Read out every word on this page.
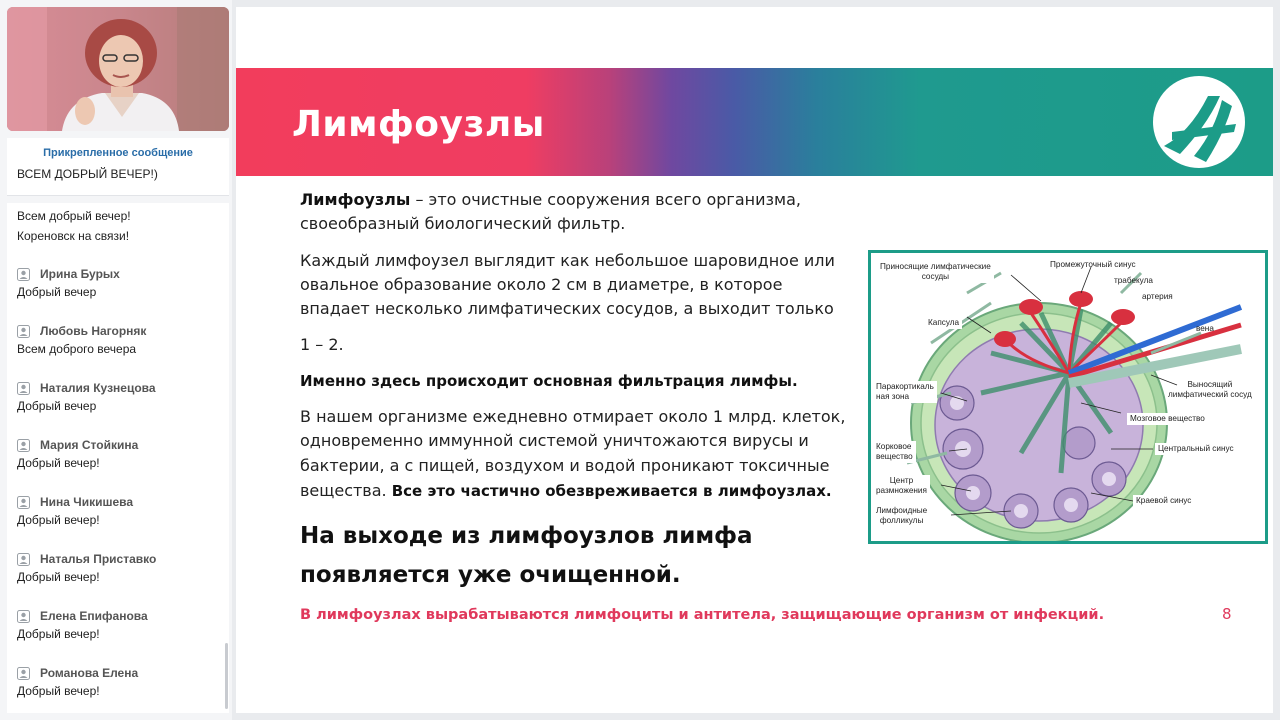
Прикрепленное сообщение
ВСЕМ ДОБРЫЙ ВЕЧЕР!)
Всем добрый вечер!
Кореновск на связи!
Ирина Бурых
Добрый вечер
Любовь Нагорняк
Всем доброго вечера
Наталия Кузнецова
Добрый вечер
Мария Стойкина
Добрый вечер!
Нина Чикишева
Добрый вечер!
Наталья Приставко
Добрый вечер!
Елена Епифанова
Добрый вечер!
Романова Елена
Добрый вечер!
Лимфоузлы
Лимфоузлы – это очистные сооружения всего организма,
своеобразный биологический фильтр.
Каждый лимфоузел выглядит как небольшое шаровидное или
овальное образование около 2 см в диаметре, в которое
впадает несколько лимфатических сосудов, а выходит только
1 – 2.
Именно здесь происходит основная фильтрация лимфы.
В нашем организме ежедневно отмирает около 1 млрд. клеток,
одновременно иммунной системой уничтожаются вирусы и
бактерии, а с пищей, воздухом и водой проникают токсичные
вещества. Все это частично обезвреживается в лимфоузлах.
На выходе из лимфоузлов лимфа
появляется уже очищенной.
В лимфоузлах вырабатываются лимфоциты и антитела, защищающие организм от инфекций.	8
Приносящие лимфатические
сосуды
Промежуточный синус
трабекула
артерия
Капсула
вена
Паракортикаль
ная зона
Выносящий
лимфатический сосуд
Мозговое вещество
Корковое
вещество
Центральный синус
Центр
размножения
Краевой синус
Лимфоидные
фолликулы
